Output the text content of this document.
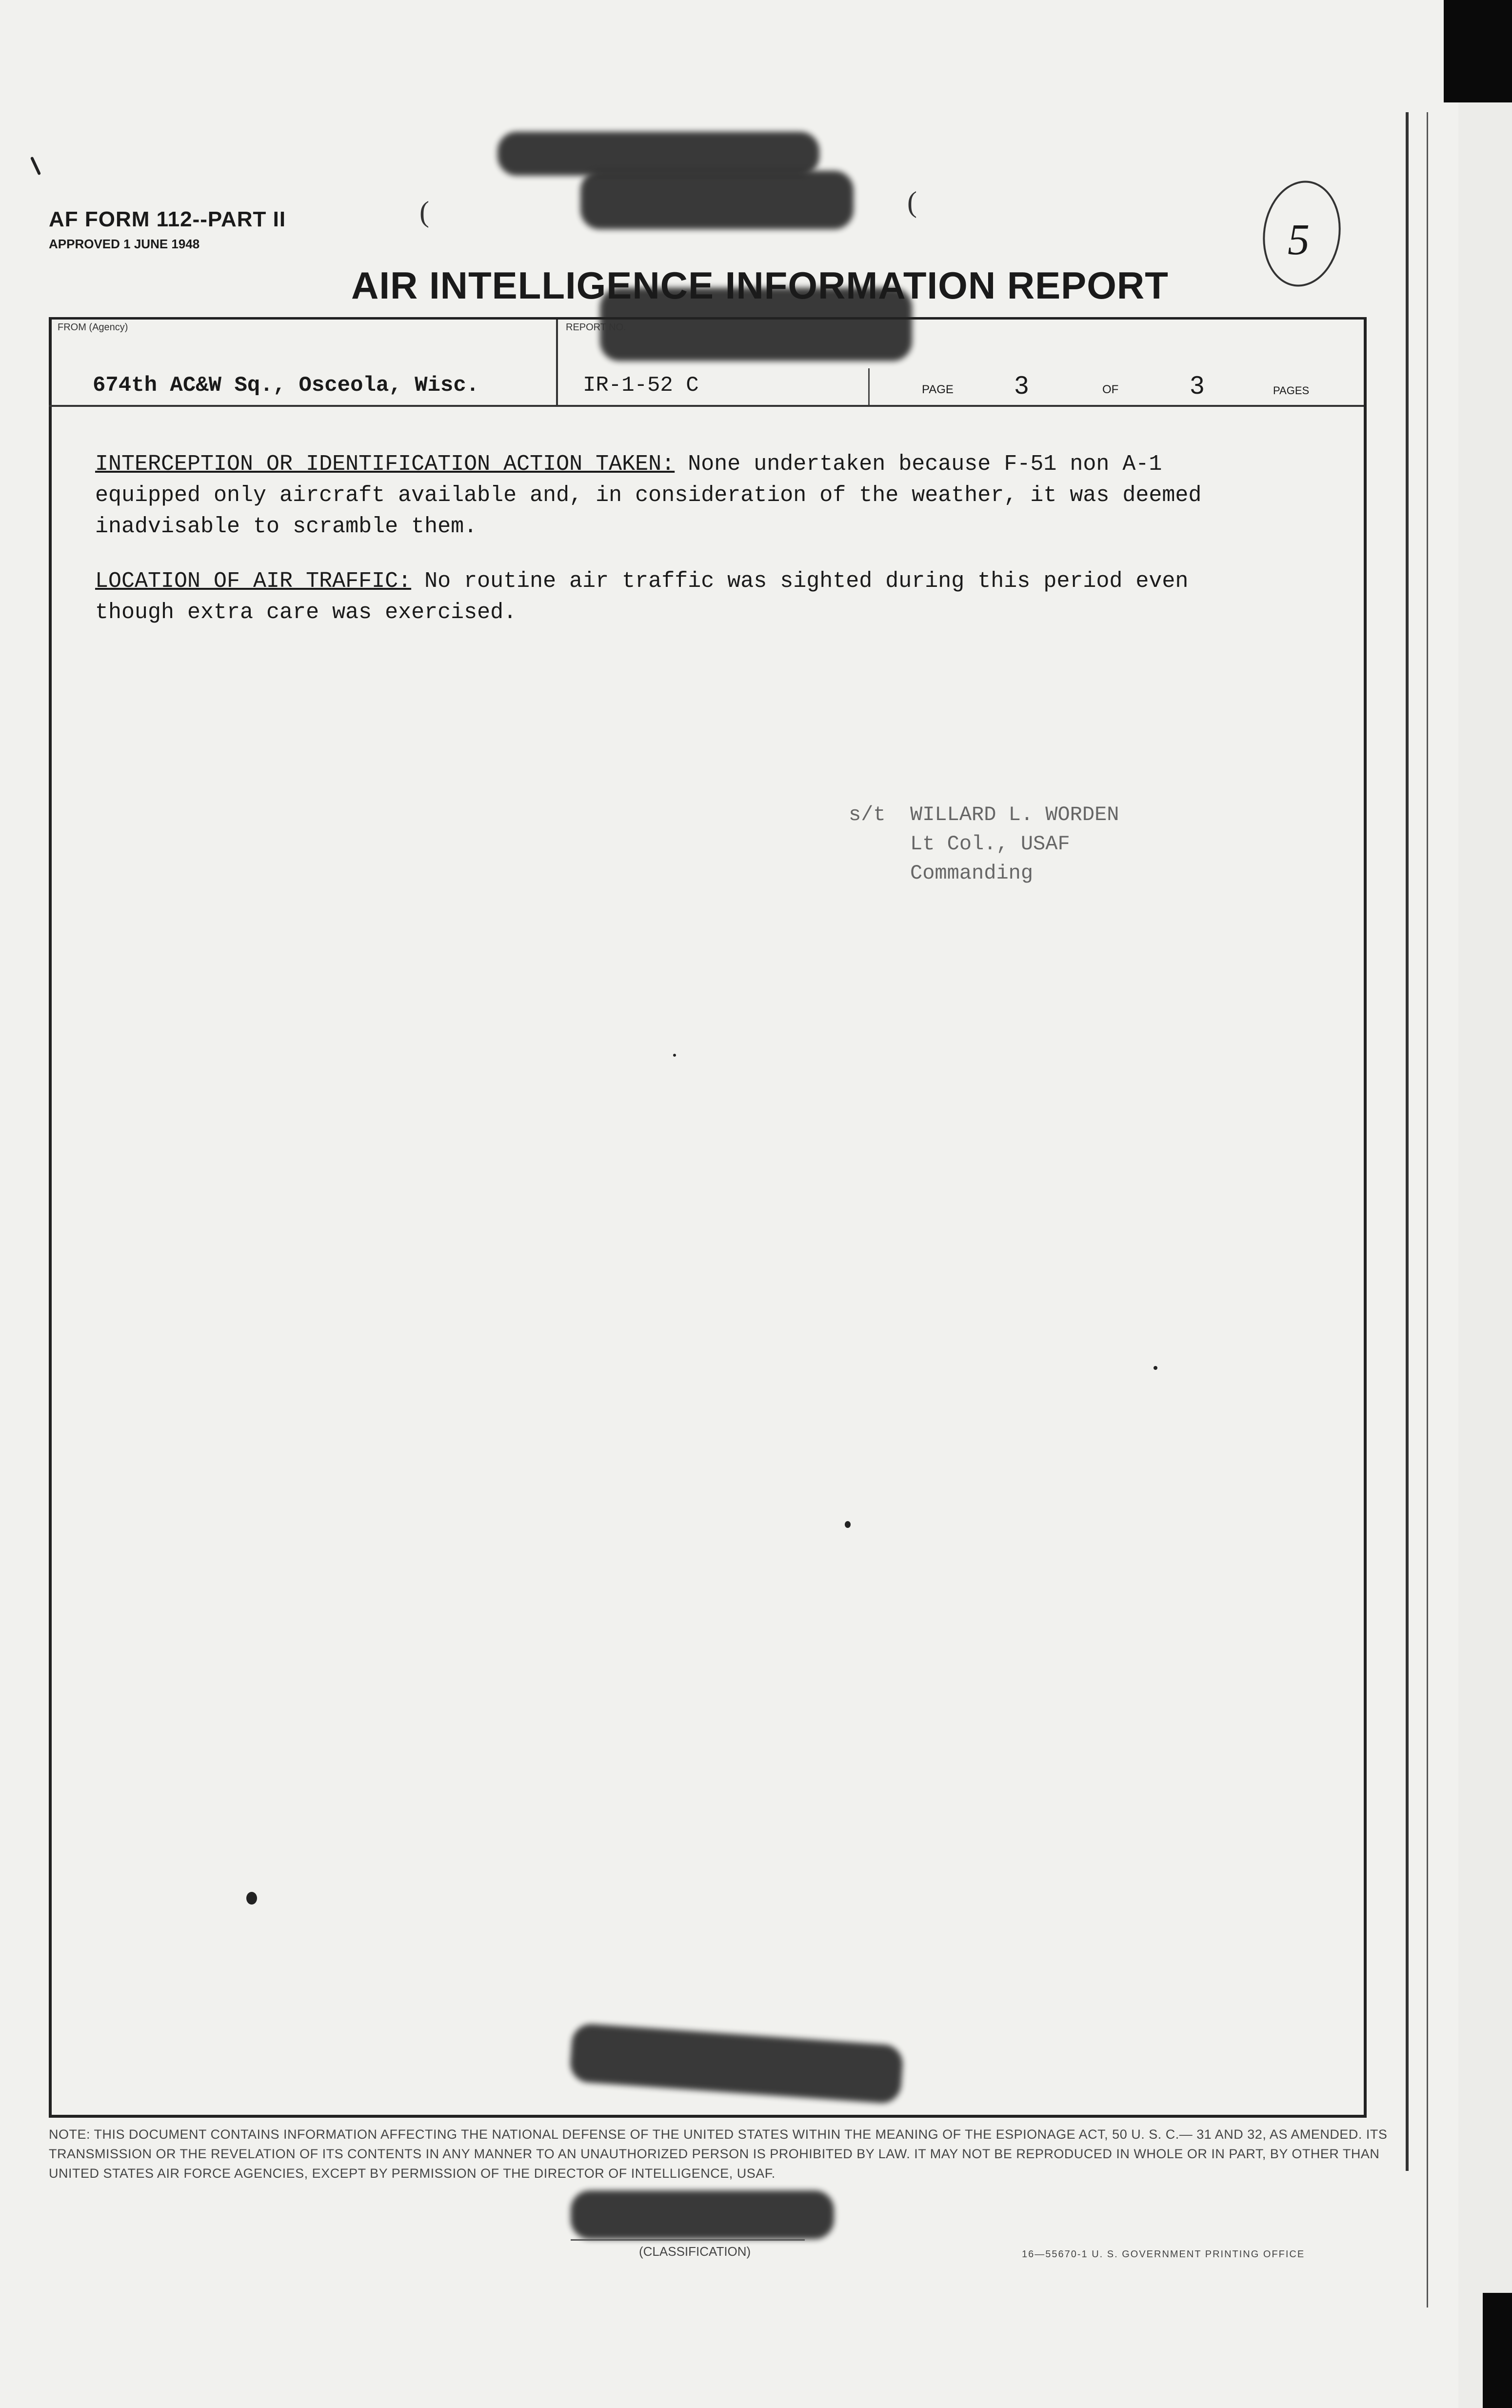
AF FORM 112--PART II
APPROVED 1 JUNE 1948
(	(
5
AIR INTELLIGENCE INFORMATION REPORT
FROM (Agency)
674th AC&W Sq., Osceola, Wisc.
REPORT NO.
IR-1-52 C	PAGE 3	OF	3	PAGES
INTERCEPTION OR IDENTIFICATION ACTION TAKEN: None undertaken because F-51 non A-1
equipped only aircraft available and, in consideration of the weather, it was deemed
inadvisable to scramble them.
LOCATION OF AIR TRAFFIC: No routine air traffic was sighted during this period even
though extra care was exercised.
s/t  WILLARD L. WORDEN
Lt Col., USAF
Commanding
NOTE: THIS DOCUMENT CONTAINS INFORMATION AFFECTING THE NATIONAL DEFENSE OF THE UNITED STATES WITHIN THE MEANING OF THE ESPIONAGE ACT, 50 U. S. C.— 31 AND 32, AS AMENDED. ITS TRANSMISSION OR THE REVELATION OF ITS CONTENTS IN ANY MANNER TO AN UNAUTHORIZED PERSON IS PROHIBITED BY LAW. IT MAY NOT BE REPRODUCED IN WHOLE OR IN PART, BY OTHER THAN UNITED STATES AIR FORCE AGENCIES, EXCEPT BY PERMISSION OF THE DIRECTOR OF INTELLIGENCE, USAF.
(CLASSIFICATION)	16—55670-1 U. S. GOVERNMENT PRINTING OFFICE
